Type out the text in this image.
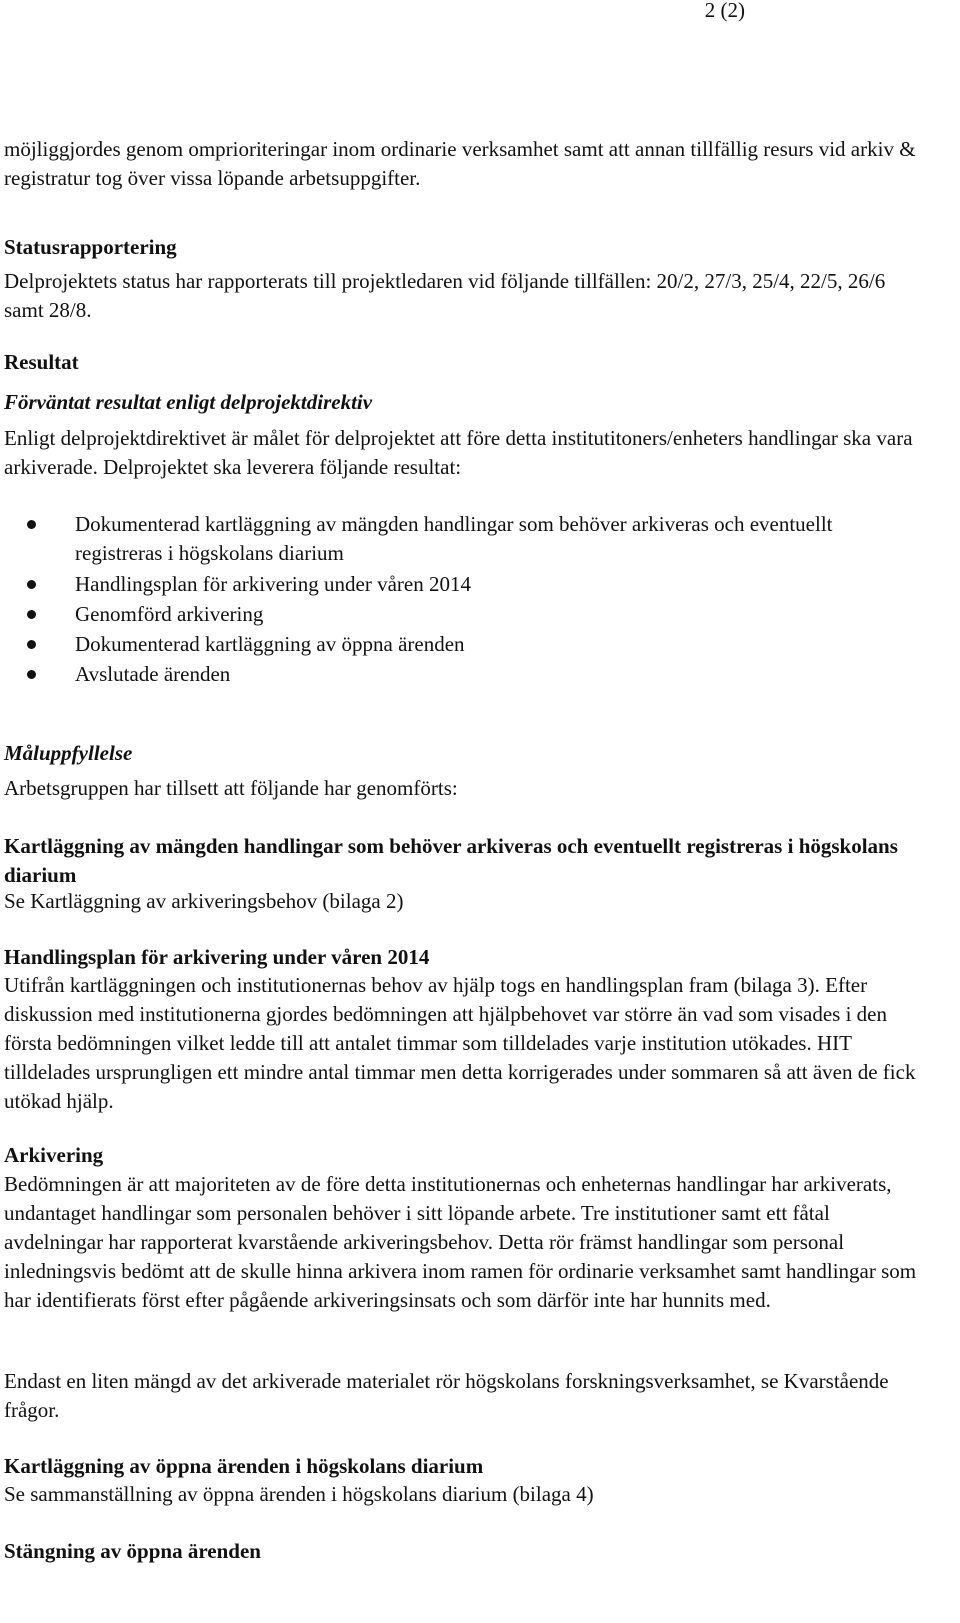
2 (2)

möjliggjordes genom omprioriteringar inom ordinarie verksamhet samt att annan tillfällig resurs vid arkiv & registratur tog över vissa löpande arbetsuppgifter.

Statusrapportering

Delprojektets status har rapporterats till projektledaren vid följande tillfällen: 20/2, 27/3, 25/4, 22/5, 26/6 samt 28/8.

Resultat

Förväntat resultat enligt delprojektdirektiv

Enligt delprojektdirektivet är målet för delprojektet att före detta institutitoners/enheters handlingar ska vara arkiverade. Delprojektet ska leverera följande resultat:

Dokumenterad kartläggning av mängden handlingar som behöver arkiveras och eventuellt registreras i högskolans diarium
Handlingsplan för arkivering under våren 2014
Genomförd arkivering
Dokumenterad kartläggning av öppna ärenden
Avslutade ärenden

Måluppfyllelse

Arbetsgruppen har tillsett att följande har genomförts:

Kartläggning av mängden handlingar som behöver arkiveras och eventuellt registreras i högskolans diarium

Se Kartläggning av arkiveringsbehov (bilaga 2)

Handlingsplan för arkivering under våren 2014

Utifrån kartläggningen och institutionernas behov av hjälp togs en handlingsplan fram (bilaga 3). Efter diskussion med institutionerna gjordes bedömningen att hjälpbehovet var större än vad som visades i den första bedömningen vilket ledde till att antalet timmar som tilldelades varje institution utökades. HIT tilldelades ursprungligen ett mindre antal timmar men detta korrigerades under sommaren så att även de fick utökad hjälp.

Arkivering

Bedömningen är att majoriteten av de före detta institutionernas och enheternas handlingar har arkiverats, undantaget handlingar som personalen behöver i sitt löpande arbete. Tre institutioner samt ett fåtal avdelningar har rapporterat kvarstående arkiveringsbehov. Detta rör främst handlingar som personal inledningsvis bedömt att de skulle hinna arkivera inom ramen för ordinarie verksamhet samt handlingar som har identifierats först efter pågående arkiveringsinsats och som därför inte har hunnits med.

Endast en liten mängd av det arkiverade materialet rör högskolans forskningsverksamhet, se Kvarstående frågor.

Kartläggning av öppna ärenden i högskolans diarium

Se sammanställning av öppna ärenden i högskolans diarium (bilaga 4)

Stängning av öppna ärenden
